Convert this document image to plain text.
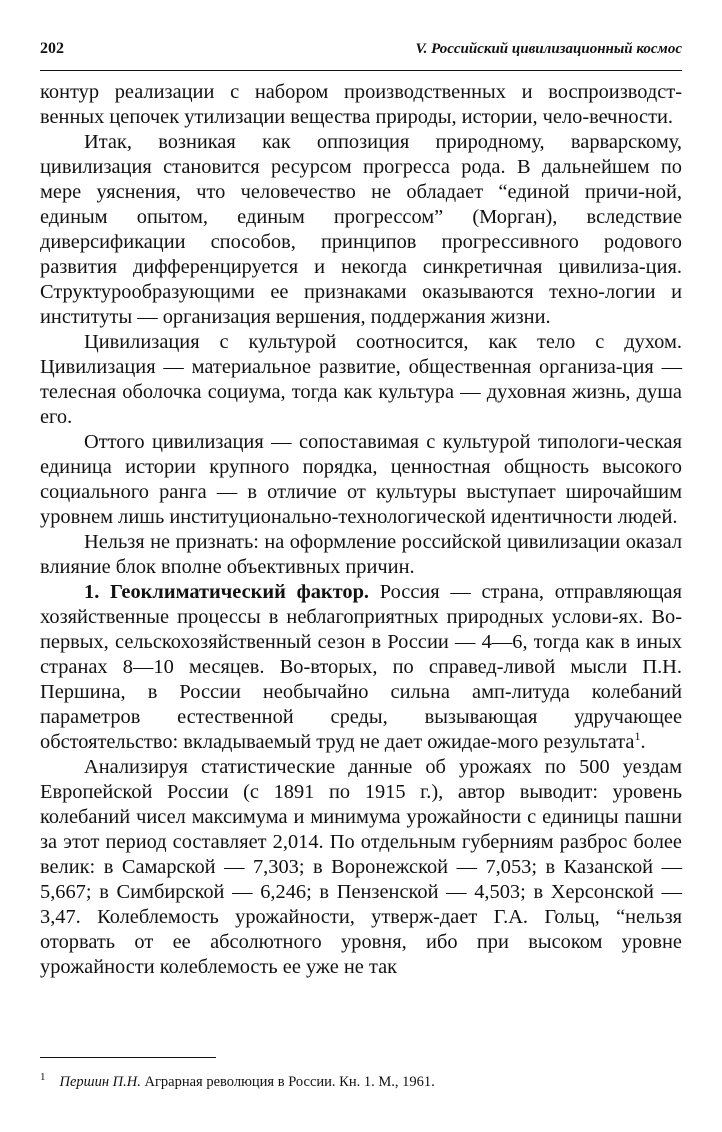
202	V. Российский цивилизационный космос

контур реализации с набором производственных и воспроизводст-венных цепочек утилизации вещества природы, истории, чело-вечности.

Итак, возникая как оппозиция природному, варварскому, цивилизация становится ресурсом прогресса рода. В дальнейшем по мере уяснения, что человечество не обладает “единой причи-ной, единым опытом, единым прогрессом” (Морган), вследствие диверсификации способов, принципов прогрессивного родового развития дифференцируется и некогда синкретичная цивилиза-ция. Структурообразующими ее признаками оказываются техно-логии и институты — организация вершения, поддержания жизни.

Цивилизация с культурой соотносится, как тело с духом. Цивилизация — материальное развитие, общественная организа-ция — телесная оболочка социума, тогда как культура — духовная жизнь, душа его.

Оттого цивилизация — сопоставимая с культурой типологи-ческая единица истории крупного порядка, ценностная общность высокого социального ранга — в отличие от культуры выступает широчайшим уровнем лишь институционально-технологической идентичности людей.

Нельзя не признать: на оформление российской цивилизации оказал влияние блок вполне объективных причин.

1. Геоклиматический фактор. Россия — страна, отправляющая хозяйственные процессы в неблагоприятных природных услови-ях. Во-первых, сельскохозяйственный сезон в России — 4—6, тогда как в иных странах 8—10 месяцев. Во-вторых, по справед-ливой мысли П.Н. Першина, в России необычайно сильна амп-литуда колебаний параметров естественной среды, вызывающая удручающее обстоятельство: вкладываемый труд не дает ожидае-мого результата$^1$.

Анализируя статистические данные об урожаях по 500 уездам Европейской России (с 1891 по 1915 г.), автор выводит: уровень колебаний чисел максимума и минимума урожайности с единицы пашни за этот период составляет 2,014. По отдельным губерниям разброс более велик: в Самарской — 7,303; в Воронежской — 7,053; в Казанской — 5,667; в Симбирской — 6,246; в Пензенской — 4,503; в Херсонской — 3,47. Колеблемость урожайности, утверж-дает Г.А. Гольц, “нельзя оторвать от ее абсолютного уровня, ибо при высоком уровне урожайности колеблемость ее уже не так

$^1$ Першин П.Н. Аграрная революция в России. Кн. 1. М., 1961.
